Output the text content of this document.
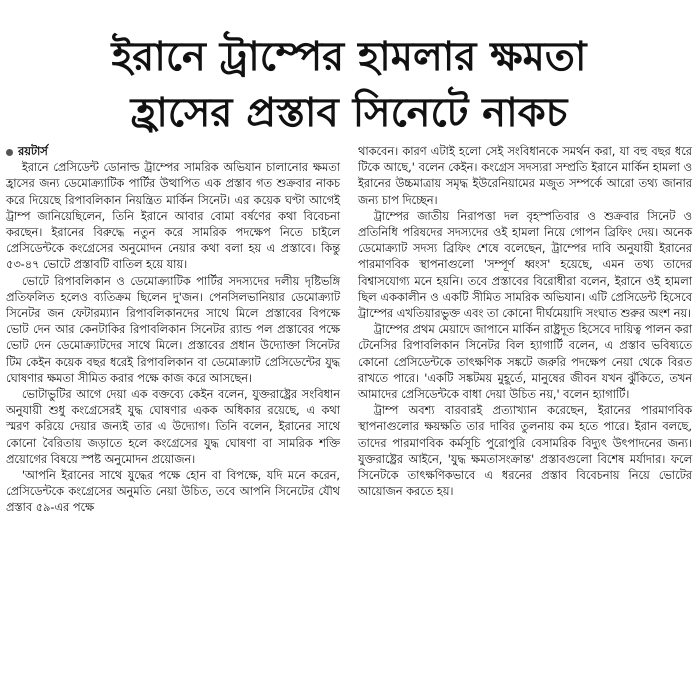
ইরানে ট্রাম্পের হামলার ক্ষমতা
হ্রাসের প্রস্তাব সিনেটে নাকচ
রয়টার্স

ইরানে প্রেসিডেন্ট ডোনাল্ড ট্রাম্পের সামরিক অভিযান চালানোর ক্ষমতা হ্রাসের জন্য ডেমোক্র্যাটিক পার্টির উত্থাপিত এক প্রস্তাব গত শুক্রবার নাকচ করে দিয়েছে রিপাবলিকান নিয়ন্ত্রিত মার্কিন সিনেট। এর কয়েক ঘণ্টা আগেই ট্রাম্প জানিয়েছিলেন, তিনি ইরানে আবার বোমা বর্ষণের কথা বিবেচনা করছেন। ইরানের বিরুদ্ধে নতুন করে সামরিক পদক্ষেপ নিতে চাইলে প্রেসিডেন্টকে কংগ্রেসের অনুমোদন নেয়ার কথা বলা হয় এ প্রস্তাবে। কিন্তু ৫৩-৪৭ ভোটে প্রস্তাবটি বাতিল হয়ে যায়।

ভোটে রিপাবলিকান ও ডেমোক্র্যাটিক পার্টির সদস্যদের দলীয় দৃষ্টিভঙ্গি প্রতিফলিত হলেও ব্যতিক্রম ছিলেন দু'জন। পেনসিলভানিয়ার ডেমোক্র্যাট সিনেটর জন ফেটারম্যান রিপাবলিকানদের সাথে মিলে প্রস্তাবের বিপক্ষে ভোট দেন আর কেনটাকির রিপাবলিকান সিনেটর র‍্যান্ড পল প্রস্তাবের পক্ষে ভোট দেন ডেমোক্র্যাটদের সাথে মিলে। প্রস্তাবের প্রধান উদ্যোক্তা সিনেটর টিম কেইন কয়েক বছর ধরেই রিপাবলিকান বা ডেমোক্র্যাট প্রেসিডেন্টের যুদ্ধ ঘোষণার ক্ষমতা সীমিত করার পক্ষে কাজ করে আসছেন।

ভোটাভুটির আগে দেয়া এক বক্তব্যে কেইন বলেন, যুক্তরাষ্ট্রের সংবিধান অনুযায়ী শুধু কংগ্রেসেরই যুদ্ধ ঘোষণার একক অধিকার রয়েছে, এ কথা স্মরণ করিয়ে দেয়ার জন্যই তার এ উদ্যোগ। তিনি বলেন, ইরানের সাথে কোনো বৈরিতায় জড়াতে হলে কংগ্রেসের যুদ্ধ ঘোষণা বা সামরিক শক্তি প্রয়োগের বিষয়ে স্পষ্ট অনুমোদন প্রয়োজন।

'আপনি ইরানের সাথে যুদ্ধের পক্ষে হোন বা বিপক্ষে, যদি মনে করেন, প্রেসিডেন্টকে কংগ্রেসের অনুমতি নেয়া উচিত, তবে আপনি সিনেটের যৌথ প্রস্তাব ৫৯-এর পক্ষে

থাকবেন। কারণ এটাই হলো সেই সংবিধানকে সমর্থন করা, যা বহু বছর ধরে টিকে আছে,' বলেন কেইন। কংগ্রেস সদস্যরা সম্প্রতি ইরানে মার্কিন হামলা ও ইরানের উচ্চমাত্রায় সমৃদ্ধ ইউরেনিয়ামের মজুত সম্পর্কে আরো তথ্য জানার জন্য চাপ দিচ্ছেন।

ট্রাম্পের জাতীয় নিরাপত্তা দল বৃহস্পতিবার ও শুক্রবার সিনেট ও প্রতিনিধি পরিষদের সদস্যদের ওই হামলা নিয়ে গোপন ব্রিফিং দেয়। অনেক ডেমোক্র্যাট সদস্য ব্রিফিং শেষে বলেছেন, ট্রাম্পের দাবি অনুযায়ী ইরানের পারমাণবিক স্থাপনাগুলো 'সম্পূর্ণ ধ্বংস' হয়েছে, এমন তথ্য তাদের বিশ্বাসযোগ্য মনে হয়নি। তবে প্রস্তাবের বিরোধীরা বলেন, ইরানে ওই হামলা ছিল এককালীন ও একটি সীমিত সামরিক অভিযান। এটি প্রেসিডেন্ট হিসেবে ট্রাম্পের এখতিয়ারভুক্ত এবং তা কোনো দীর্ঘমেয়াদি সংঘাত শুরুর অংশ নয়।

ট্রাম্পের প্রথম মেয়াদে জাপানে মার্কিন রাষ্ট্রদূত হিসেবে দায়িত্ব পালন করা টেনেসির রিপাবলিকান সিনেটর বিল হ্যাগার্টি বলেন, এ প্রস্তাব ভবিষ্যতে কোনো প্রেসিডেন্টকে তাৎক্ষণিক সঙ্কটে জরুরি পদক্ষেপ নেয়া থেকে বিরত রাখতে পারে। 'একটি সঙ্কটময় মুহূর্তে, মানুষের জীবন যখন ঝুঁকিতে, তখন আমাদের প্রেসিডেন্টকে বাধা দেয়া উচিত নয়,' বলেন হ্যাগার্টি।

ট্রাম্প অবশ্য বারবারই প্রত্যাখ্যান করেছেন, ইরানের পারমাণবিক স্থাপনাগুলোর ক্ষয়ক্ষতি তার দাবির তুলনায় কম হতে পারে। ইরান বলছে, তাদের পারমাণবিক কর্মসূচি পুরোপুরি বেসামরিক বিদ্যুৎ উৎপাদনের জন্য। যুক্তরাষ্ট্রের আইনে, 'যুদ্ধ ক্ষমতাসংক্রান্ত' প্রস্তাবগুলো বিশেষ মর্যাদার। ফলে সিনেটকে তাৎক্ষণিকভাবে এ ধরনের প্রস্তাব বিবেচনায় নিয়ে ভোটের আয়োজন করতে হয়।
